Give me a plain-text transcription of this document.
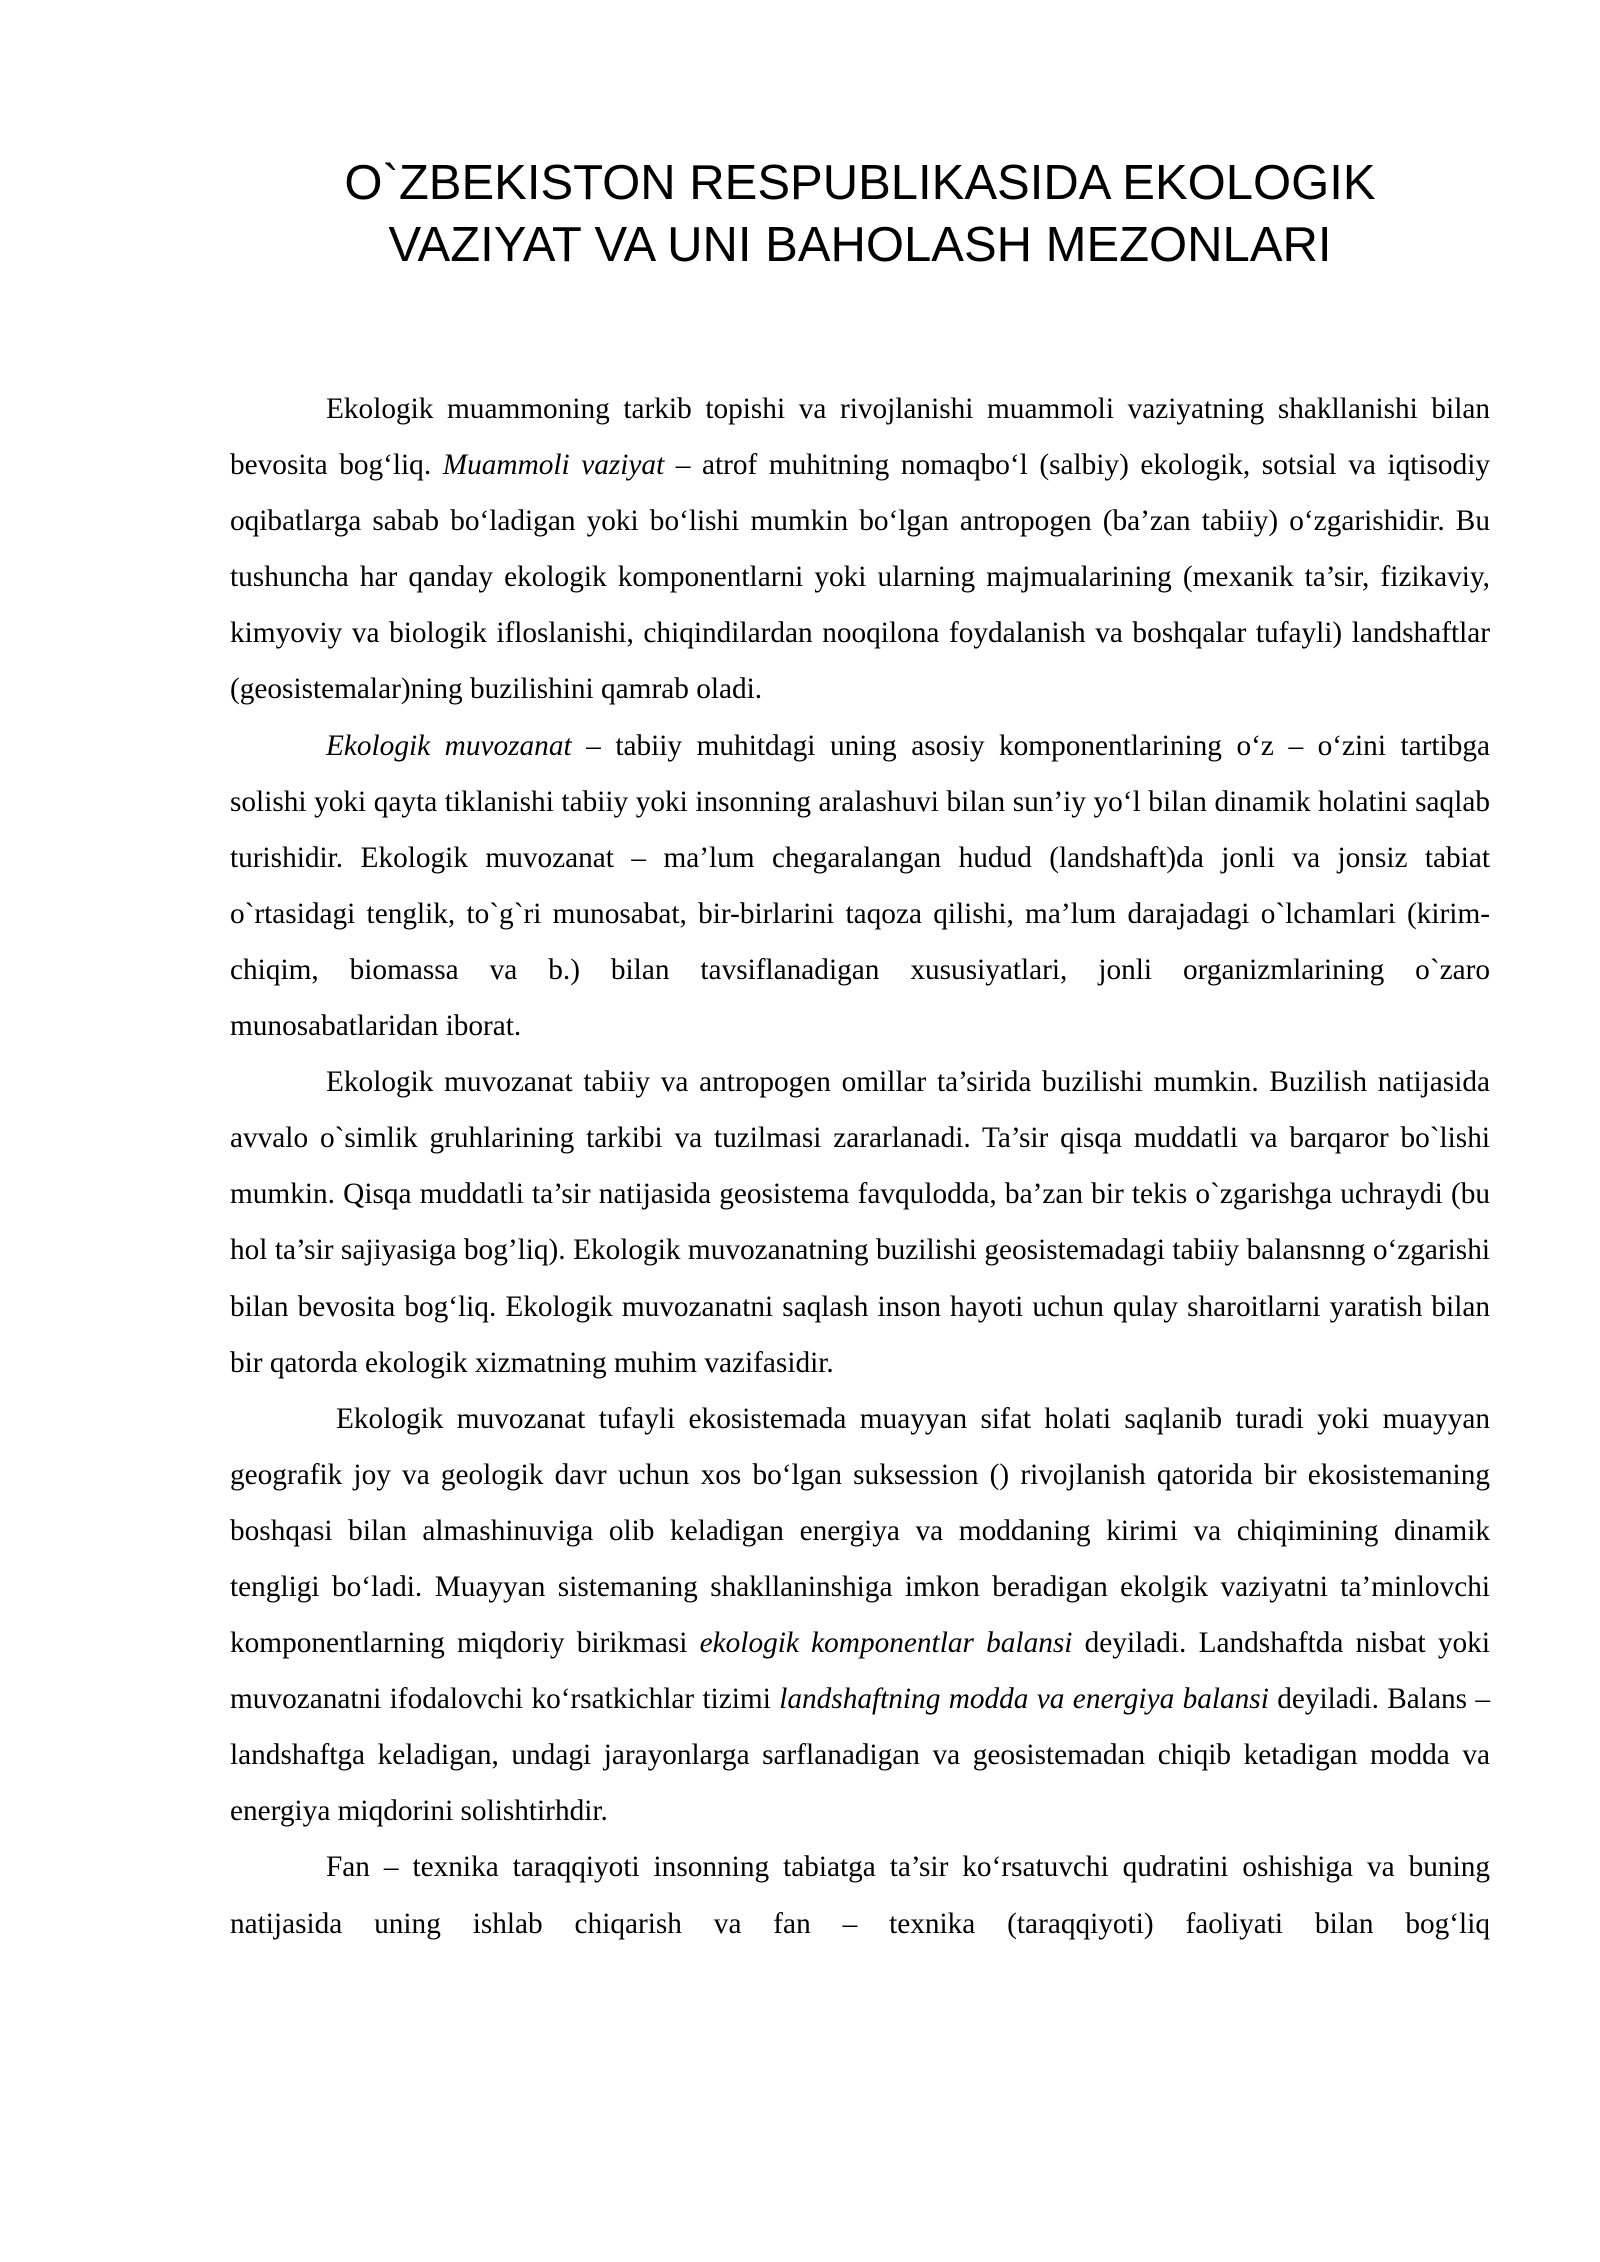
O`ZBEKISTON RESPUBLIKASIDA EKOLOGIK
VAZIYAT VA UNI BAHOLASH MEZONLARI

Ekologik muammoning tarkib topishi va rivojlanishi muammoli vaziyatning shakllanishi bilan bevosita bog‘liq. Muammoli vaziyat – atrof muhitning nomaqbo‘l (salbiy) ekologik, sotsial va iqtisodiy oqibatlarga sabab bo‘ladigan yoki bo‘lishi mumkin bo‘lgan antropogen (ba’zan tabiiy) o‘zgarishidir. Bu tushuncha har qanday ekologik komponentlarni yoki ularning majmualarining (mexanik ta’sir, fizikaviy, kimyoviy va biologik ifloslanishi, chiqindilardan nooqilona foydalanish va boshqalar tufayli) landshaftlar (geosistemalar)ning buzilishini qamrab oladi.

Ekologik muvozanat – tabiiy muhitdagi uning asosiy komponentlarining o‘z – o‘zini tartibga solishi yoki qayta tiklanishi tabiiy yoki insonning aralashuvi bilan sun’iy yo‘l bilan dinamik holatini saqlab turishidir. Ekologik muvozanat – ma’lum chegaralangan hudud (landshaft)da jonli va jonsiz tabiat o`rtasidagi tenglik, to`g`ri munosabat, bir-birlarini taqoza qilishi, ma’lum darajadagi o`lchamlari (kirim-chiqim, biomassa va b.) bilan tavsiflanadigan xususiyatlari, jonli organizmlarining o`zaro munosabatlaridan iborat.

Ekologik muvozanat tabiiy va antropogen omillar ta’sirida buzilishi mumkin. Buzilish natijasida avvalo o`simlik gruhlarining tarkibi va tuzilmasi zararlanadi. Ta’sir qisqa muddatli va barqaror bo`lishi mumkin. Qisqa muddatli ta’sir natijasida geosistema favqulodda, ba’zan bir tekis o`zgarishga uchraydi (bu hol ta’sir sajiyasiga bog’liq). Ekologik muvozanatning buzilishi geosistemadagi tabiiy balansnng o‘zgarishi bilan bevosita bog‘liq. Ekologik muvozanatni saqlash inson hayoti uchun qulay sharoitlarni yaratish bilan bir qatorda ekologik xizmatning muhim vazifasidir.

Ekologik muvozanat tufayli ekosistemada muayyan sifat holati saqlanib turadi yoki muayyan geografik joy va geologik davr uchun xos bo‘lgan suksession () rivojlanish qatorida bir ekosistemaning boshqasi bilan almashinuviga olib keladigan energiya va moddaning kirimi va chiqimining dinamik tengligi bo‘ladi. Muayyan sistemaning shakllaninshiga imkon beradigan ekolgik vaziyatni ta’minlovchi komponentlarning miqdoriy birikmasi ekologik komponentlar balansi deyiladi. Landshaftda nisbat yoki muvozanatni ifodalovchi ko‘rsatkichlar tizimi landshaftning modda va energiya balansi deyiladi. Balans – landshaftga keladigan, undagi jarayonlarga sarflanadigan va geosistemadan chiqib ketadigan modda va energiya miqdorini solishtirhdir.

Fan – texnika taraqqiyoti insonning tabiatga ta’sir ko‘rsatuvchi qudratini oshishiga va buning natijasida uning ishlab chiqarish va fan – texnika (taraqqiyoti) faoliyati bilan bog‘liq
